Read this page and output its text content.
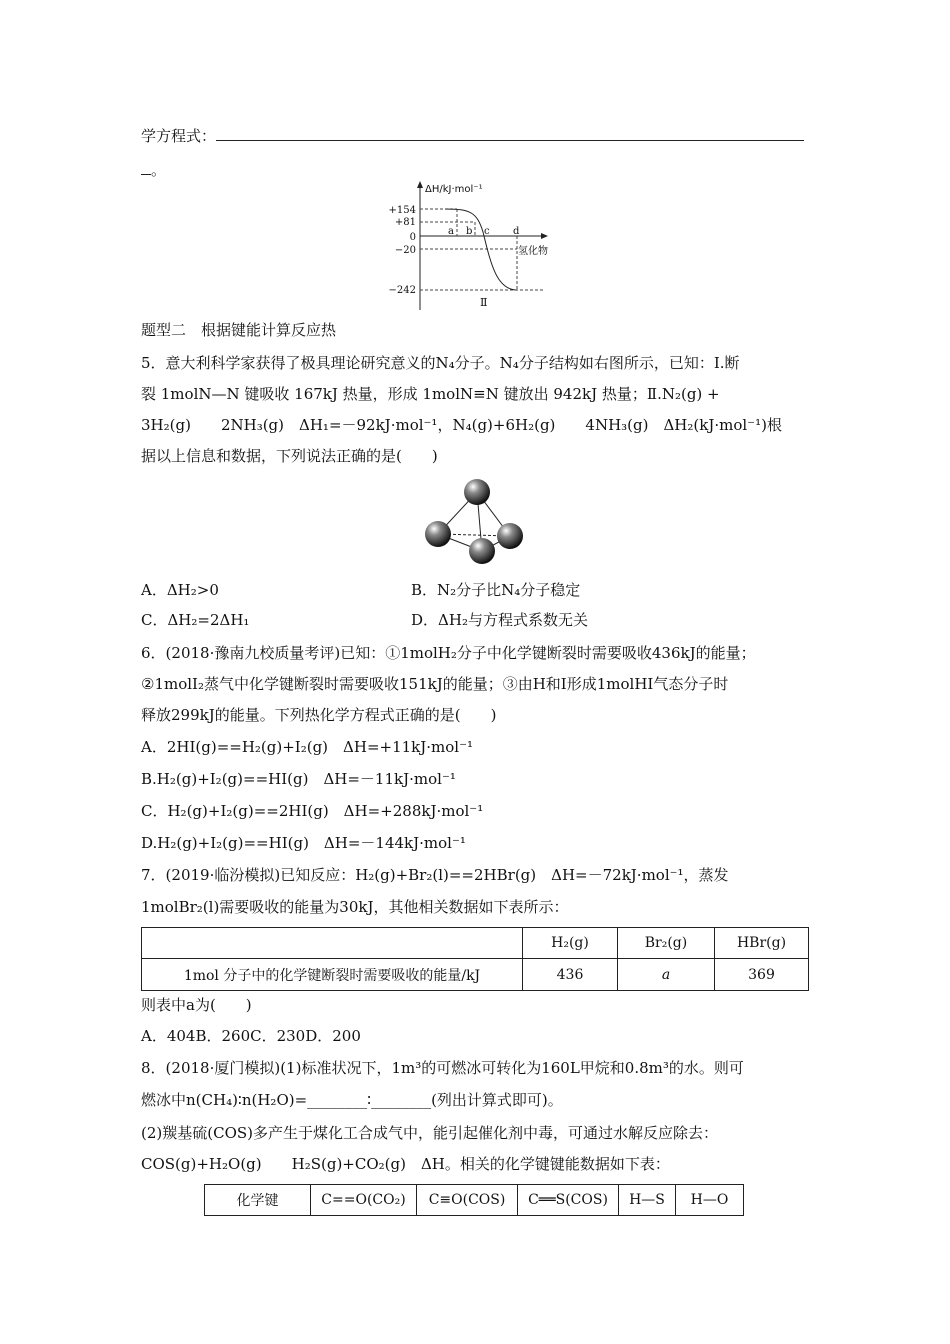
学方程式：
。
ΔH/kJ·mol⁻¹
+154
+81
0
−20
−242
a b c d
氢化物
Ⅱ
题型二　根据键能计算反应热
5．意大利科学家获得了极具理论研究意义的N₄分子。N₄分子结构如右图所示，已知：Ⅰ.断
裂 1molN—N 键吸收 167kJ 热量，形成 1molN≡N 键放出 942kJ 热量；Ⅱ.N₂(g) +
3H₂(g)　　2NH₃(g)　ΔH₁=－92kJ·mol⁻¹，N₄(g)+6H₂(g)　　4NH₃(g)　ΔH₂(kJ·mol⁻¹)根
据以上信息和数据，下列说法正确的是(　　)
A．ΔH₂>0	B．N₂分子比N₄分子稳定
C．ΔH₂=2ΔH₁	D．ΔH₂与方程式系数无关
6．(2018·豫南九校质量考评)已知：①1molH₂分子中化学键断裂时需要吸收436kJ的能量；
②1molI₂蒸气中化学键断裂时需要吸收151kJ的能量；③由H和I形成1molHI气态分子时
释放299kJ的能量。下列热化学方程式正确的是(　　)
A．2HI(g)==H₂(g)+I₂(g)　ΔH=+11kJ·mol⁻¹
B.H₂(g)+I₂(g)==HI(g)　ΔH=－11kJ·mol⁻¹
C．H₂(g)+I₂(g)==2HI(g)　ΔH=+288kJ·mol⁻¹
D.H₂(g)+I₂(g)==HI(g)　ΔH=－144kJ·mol⁻¹
7．(2019·临汾模拟)已知反应：H₂(g)+Br₂(l)==2HBr(g)　ΔH=－72kJ·mol⁻¹，蒸发
1molBr₂(l)需要吸收的能量为30kJ，其他相关数据如下表所示：
	H₂(g)	Br₂(g)	HBr(g)
1mol 分子中的化学键断裂时需要吸收的能量/kJ	436	a	369
则表中a为(　　)
A．404B．260C．230D．200
8．(2018·厦门模拟)(1)标准状况下，1m³的可燃冰可转化为160L甲烷和0.8m³的水。则可
燃冰中n(CH₄)∶n(H₂O)=________∶________(列出计算式即可)。
(2)羰基硫(COS)多产生于煤化工合成气中，能引起催化剂中毒，可通过水解反应除去：
COS(g)+H₂O(g)　　H₂S(g)+CO₂(g)　ΔH。相关的化学键键能数据如下表：
化学键	C==O(CO₂)	C≡O(COS)	C══S(COS)	H—S	H—O
